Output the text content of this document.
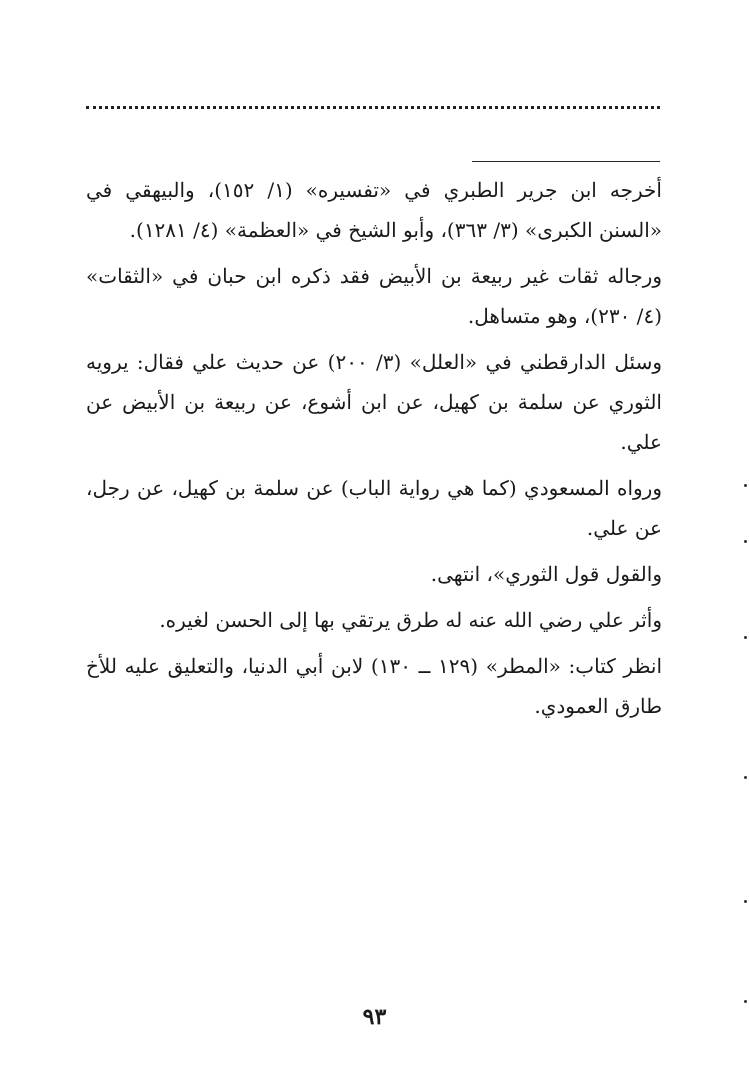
أخرجه ابن جرير الطبري في «تفسيره» (١/ ١٥٢)، والبيهقي في «السنن الكبرى» (٣/ ٣٦٣)، وأبو الشيخ في «العظمة» (٤/ ١٢٨١).

ورجاله ثقات غير ربيعة بن الأبيض فقد ذكره ابن حبان في «الثقات» (٤/ ٢٣٠)، وهو متساهل.

وسئل الدارقطني في «العلل» (٣/ ٢٠٠) عن حديث علي فقال: يرويه الثوري عن سلمة بن كهيل، عن ابن أشوع، عن ربيعة بن الأبيض عن علي.

ورواه المسعودي (كما هي رواية الباب) عن سلمة بن كهيل، عن رجل، عن علي.

والقول قول الثوري»، انتهى.

وأثر علي رضي الله عنه له طرق يرتقي بها إلى الحسن لغيره.

انظر كتاب: «المطر» (١٢٩ ــ ١٣٠) لابن أبي الدنيا، والتعليق عليه للأخ طارق العمودي.

٩٣
